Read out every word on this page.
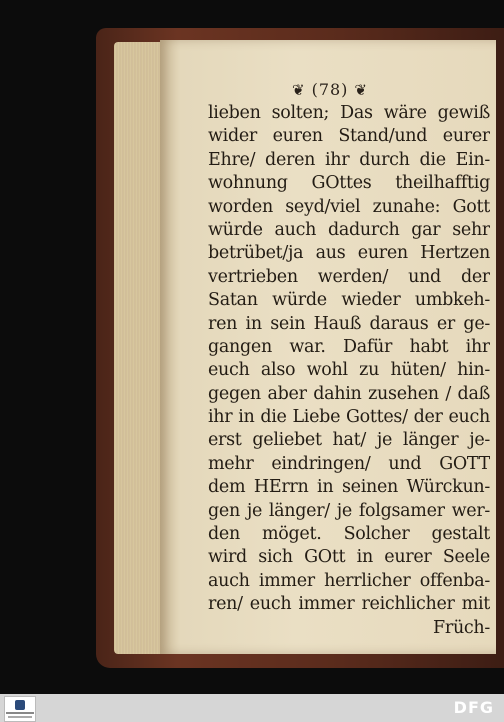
❦ (78) ❦
lieben solten; Das wäre gewiß
wider euren Stand/und eurer
Ehre/ deren ihr durch die Ein-
wohnung GOttes theilhafftig
worden seyd/viel zunahe: Gott
würde auch dadurch gar sehr
betrübet/ja aus euren Hertzen
vertrieben werden/ und der
Satan würde wieder umbkeh-
ren in sein Hauß daraus er ge-
gangen war. Dafür habt ihr
euch also wohl zu hüten/ hin-
gegen aber dahin zusehen / daß
ihr in die Liebe Gottes/ der euch
erst geliebet hat/ je länger je-
mehr eindringen/ und GOTT
dem HErrn in seinen Würckun-
gen je länger/ je folgsamer wer-
den möget. Solcher gestalt
wird sich GOtt in eurer Seele
auch immer herrlicher offenba-
ren/ euch immer reichlicher mit
Früch-
DFG
